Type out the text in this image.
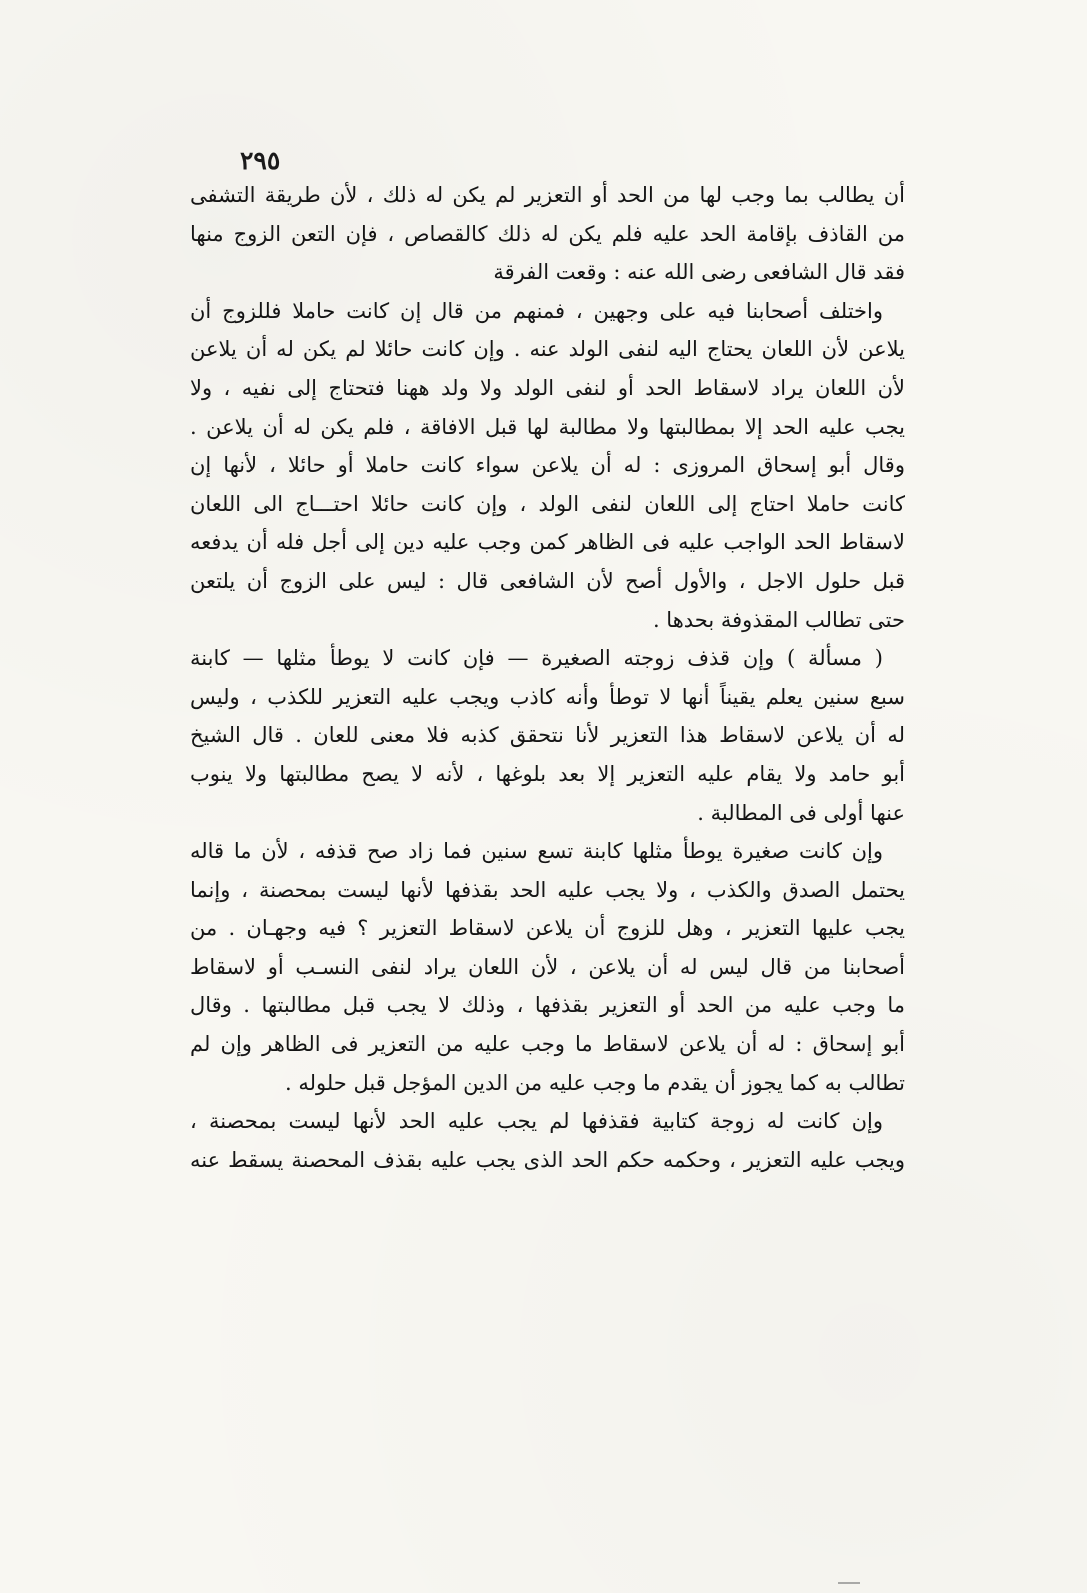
٢٩٥

أن يطالب بما وجب لها من الحد أو التعزير لم يكن له ذلك ، لأن طريقة التشفى

من القاذف بإقامة الحد عليه فلم يكن له ذلك كالقصاص ، فإن التعن الزوج منها

فقد قال الشافعى رضى الله عنه : وقعت الفرقة

واختلف أصحابنا فيه على وجهين ، فمنهم من قال إن كانت حاملا فللزوج أن

يلاعن لأن اللعان يحتاج اليه لنفى الولد عنه . وإن كانت حائلا لم يكن له أن يلاعن

لأن اللعان يراد لاسقاط الحد أو لنفى الولد ولا ولد ههنا فتحتاج إلى نفيه ، ولا

يجب عليه الحد إلا بمطالبتها ولا مطالبة لها قبل الافاقة ، فلم يكن له أن يلاعن .

وقال أبو إسحاق المروزى : له أن يلاعن سواء كانت حاملا أو حائلا ، لأنها إن

كانت حاملا احتاج إلى اللعان لنفى الولد ، وإن كانت حائلا احتـــاج الى اللعان

لاسقاط الحد الواجب عليه فى الظاهر كمن وجب عليه دين إلى أجل فله أن يدفعه

قبل حلول الاجل ، والأول أصح لأن الشافعى قال : ليس على الزوج أن يلتعن

حتى تطالب المقذوفة بحدها .

( مسألة ) وإن قذف زوجته الصغيرة — فإن كانت لا يوطأ مثلها — كابنة

سبع سنين يعلم يقيناً أنها لا توطأ وأنه كاذب ويجب عليه التعزير للكذب ، وليس

له أن يلاعن لاسقاط هذا التعزير لأنا نتحقق كذبه فلا معنى للعان . قال الشيخ

أبو حامد ولا يقام عليه التعزير إلا بعد بلوغها ، لأنه لا يصح مطالبتها ولا ينوب

عنها أولى فى المطالبة .

وإن كانت صغيرة يوطأ مثلها كابنة تسع سنين فما زاد صح قذفه ، لأن ما قاله

يحتمل الصدق والكذب ، ولا يجب عليه الحد بقذفها لأنها ليست بمحصنة ، وإنما

يجب عليها التعزير ، وهل للزوج أن يلاعن لاسقاط التعزير ؟ فيه وجهـان . من

أصحابنا من قال ليس له أن يلاعن ، لأن اللعان يراد لنفى النسـب أو لاسقاط

ما وجب عليه من الحد أو التعزير بقذفها ، وذلك لا يجب قبل مطالبتها . وقال

أبو إسحاق : له أن يلاعن لاسقاط ما وجب عليه من التعزير فى الظاهر وإن لم

تطالب به كما يجوز أن يقدم ما وجب عليه من الدين المؤجل قبل حلوله .

وإن كانت له زوجة كتابية فقذفها لم يجب عليه الحد لأنها ليست بمحصنة ،

ويجب عليه التعزير ، وحكمه حكم الحد الذى يجب عليه بقذف المحصنة يسقط عنه
